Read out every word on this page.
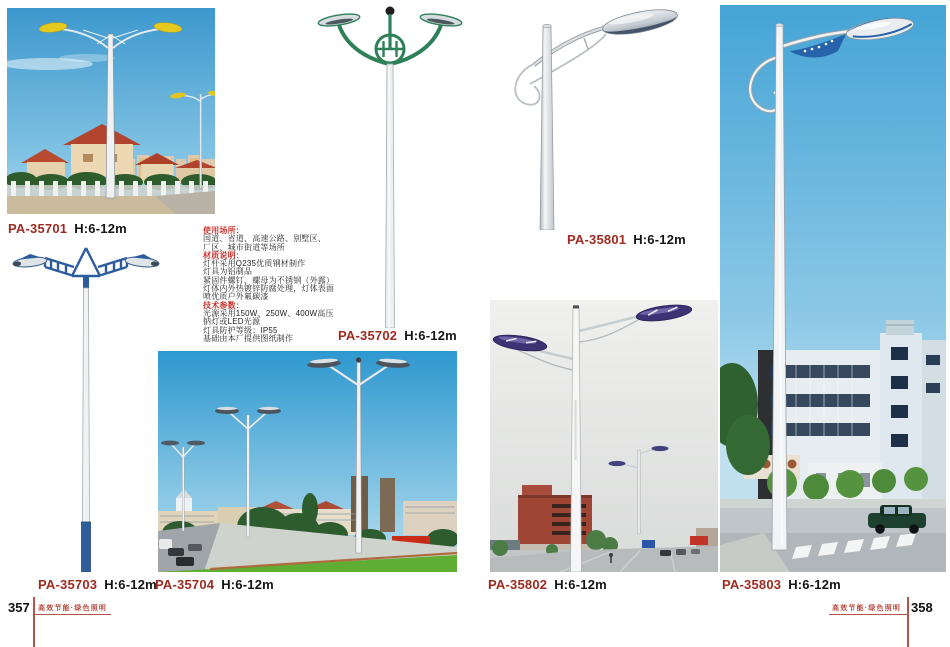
PA-35701 H:6-12m
PA-35702 H:6-12m
PA-35801 H:6-12m
PA-35703 H:6-12m
PA-35704 H:6-12m	PA-35802 H:6-12m	PA-35803 H:6-12m
使用场所：
国道、省道、高速公路、别墅区、
厂区、城市街道等场所
材质说明：
灯杆采用Q235优质钢材制作
灯具为铝制品
紧固件螺钉、螺母为不锈钢（外露）
灯体内外热镀锌防腐处理，灯体表面
喷优质户外氟碳漆
技术参数：
光源采用150W、250W、400W高压
钠灯或LED光源
灯具防护等级：IP55
基础由本厂提供图纸制作
357 高效节能·绿色照明	358
高效节能·绿色照明
